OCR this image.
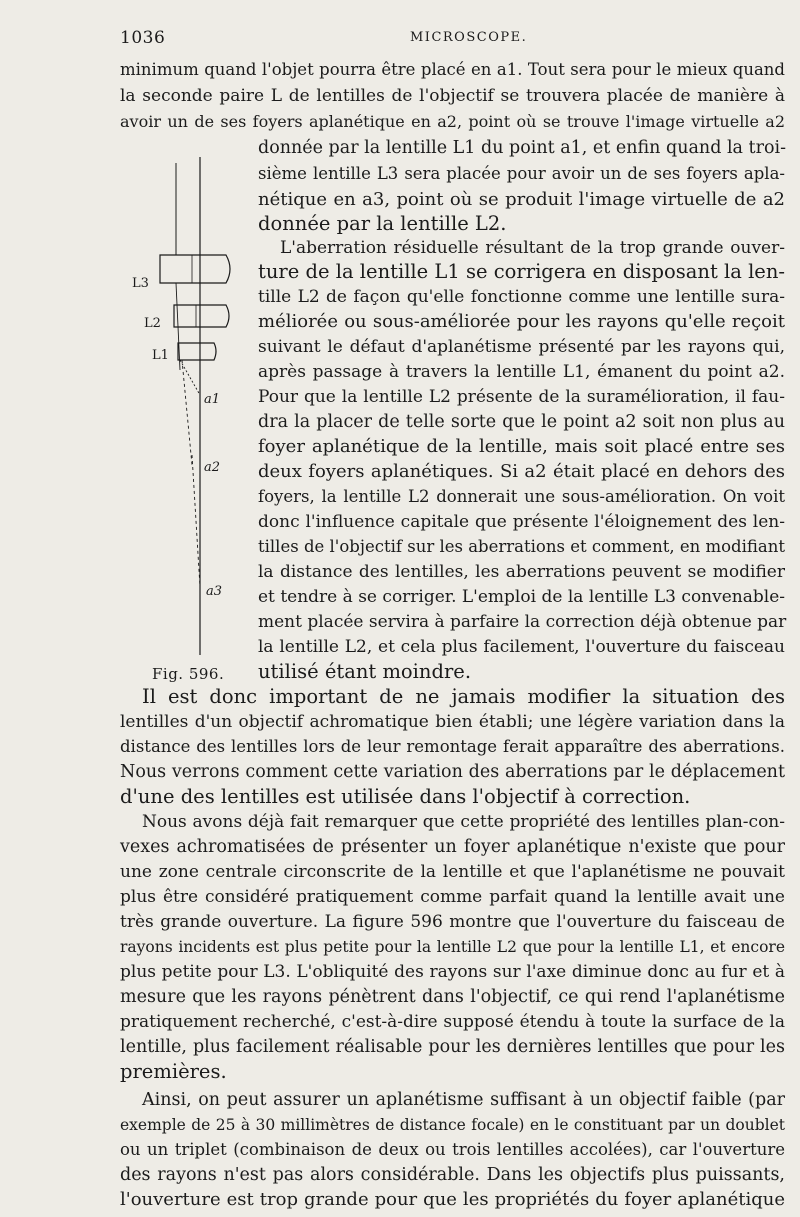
1036	MICROSCOPE.
L3
L2
L1
a1
a2
a3
Fig. 596.
minimum quand l'objet pourra être placé en a1. Tout sera pour le mieux quand
la seconde paire L de lentilles de l'objectif se trouvera placée de manière à
avoir un de ses foyers aplanétique en a2, point où se trouve l'image virtuelle a2
donnée par la lentille L1 du point a1, et enfin quand la troi-
sième lentille L3 sera placée pour avoir un de ses foyers apla-
nétique en a3, point où se produit l'image virtuelle de a2
donnée par la lentille L2.
L'aberration résiduelle résultant de la trop grande ouver-
ture de la lentille L1 se corrigera en disposant la len-
tille L2 de façon qu'elle fonctionne comme une lentille sura-
méliorée ou sous-améliorée pour les rayons qu'elle reçoit
suivant le défaut d'aplanétisme présenté par les rayons qui,
après passage à travers la lentille L1, émanent du point a2.
Pour que la lentille L2 présente de la suramélioration, il fau-
dra la placer de telle sorte que le point a2 soit non plus au
foyer aplanétique de la lentille, mais soit placé entre ses
deux foyers aplanétiques. Si a2 était placé en dehors des
foyers, la lentille L2 donnerait une sous-amélioration. On voit
donc l'influence capitale que présente l'éloignement des len-
tilles de l'objectif sur les aberrations et comment, en modifiant
la distance des lentilles, les aberrations peuvent se modifier
et tendre à se corriger. L'emploi de la lentille L3 convenable-
ment placée servira à parfaire la correction déjà obtenue par
la lentille L2, et cela plus facilement, l'ouverture du faisceau
utilisé étant moindre.
Il est donc important de ne jamais modifier la situation des
lentilles d'un objectif achromatique bien établi; une légère variation dans la
distance des lentilles lors de leur remontage ferait apparaître des aberrations.
Nous verrons comment cette variation des aberrations par le déplacement
d'une des lentilles est utilisée dans l'objectif à correction.
Nous avons déjà fait remarquer que cette propriété des lentilles plan-con-
vexes achromatisées de présenter un foyer aplanétique n'existe que pour
une zone centrale circonscrite de la lentille et que l'aplanétisme ne pouvait
plus être considéré pratiquement comme parfait quand la lentille avait une
très grande ouverture. La figure 596 montre que l'ouverture du faisceau de
rayons incidents est plus petite pour la lentille L2 que pour la lentille L1, et encore
plus petite pour L3. L'obliquité des rayons sur l'axe diminue donc au fur et à
mesure que les rayons pénètrent dans l'objectif, ce qui rend l'aplanétisme
pratiquement recherché, c'est-à-dire supposé étendu à toute la surface de la
lentille, plus facilement réalisable pour les dernières lentilles que pour les
premières.
Ainsi, on peut assurer un aplanétisme suffisant à un objectif faible (par
exemple de 25 à 30 millimètres de distance focale) en le constituant par un doublet
ou un triplet (combinaison de deux ou trois lentilles accolées), car l'ouverture
des rayons n'est pas alors considérable. Dans les objectifs plus puissants,
l'ouverture est trop grande pour que les propriétés du foyer aplanétique
